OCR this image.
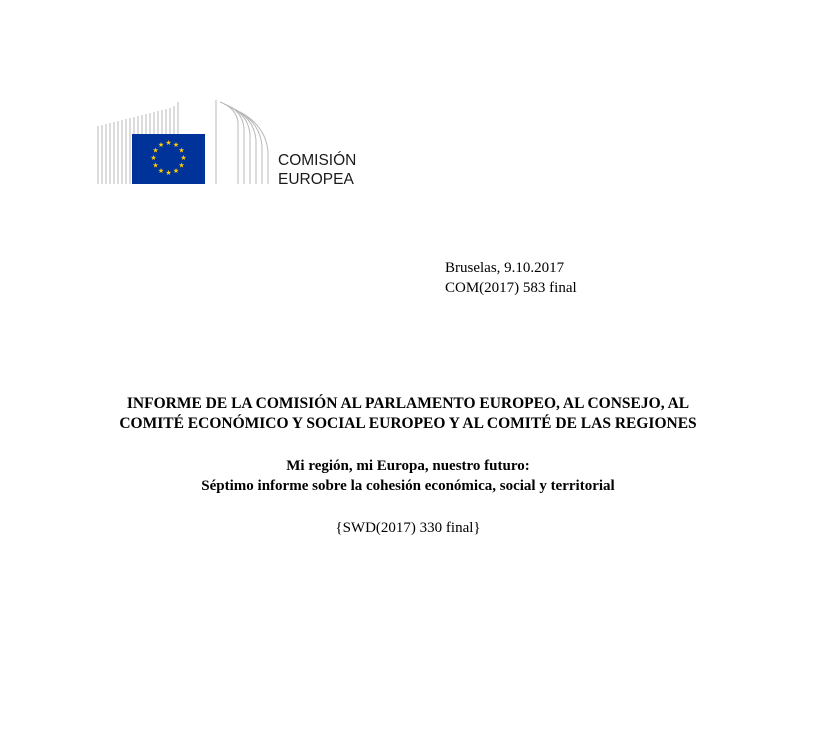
★ ★
★
★
★
★
★
★
★
★
★
★
COMISIÓN
EUROPEA
Bruselas, 9.10.2017
COM(2017) 583 final
INFORME DE LA COMISIÓN AL PARLAMENTO EUROPEO, AL CONSEJO, AL
COMITÉ ECONÓMICO Y SOCIAL EUROPEO Y AL COMITÉ DE LAS REGIONES
Mi región, mi Europa, nuestro futuro:
Séptimo informe sobre la cohesión económica, social y territorial
{SWD(2017) 330 final}
